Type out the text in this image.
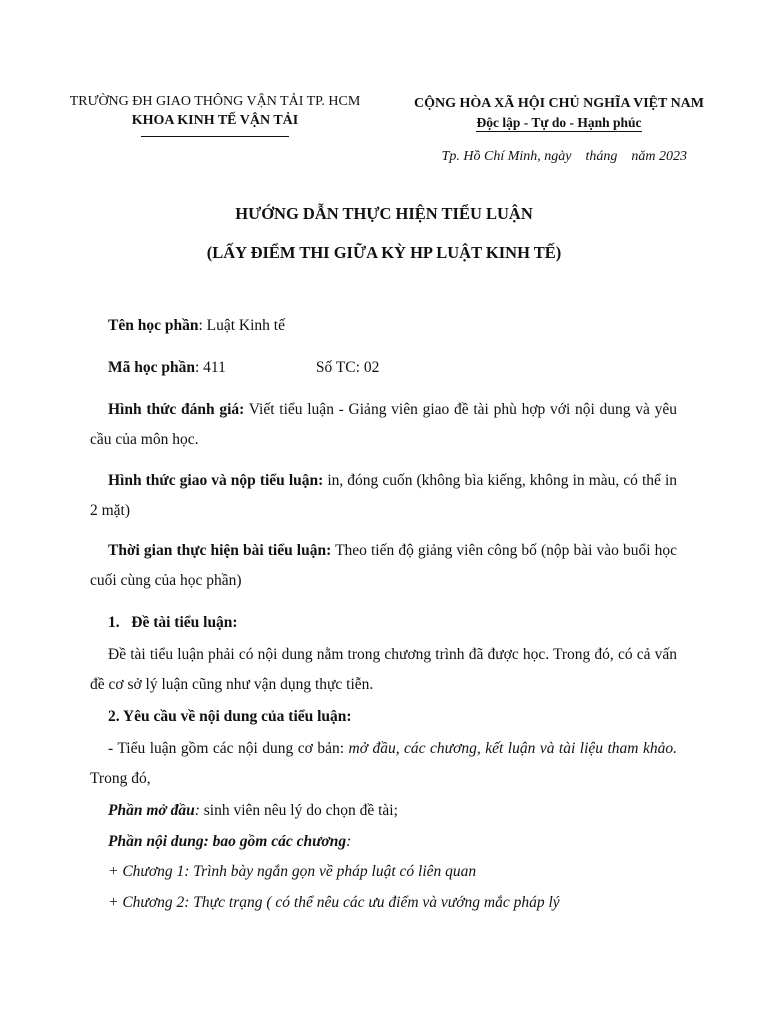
TRƯỜNG ĐH GIAO THÔNG VẬN TẢI TP. HCM
KHOA KINH TẾ VẬN TẢI
CỘNG HÒA XÃ HỘI CHỦ NGHĨA VIỆT NAM
Độc lập - Tự do - Hạnh phúc
Tp. Hồ Chí Minh, ngày    tháng    năm 2023
HƯỚNG DẪN THỰC HIỆN TIỂU LUẬN
(LẤY ĐIỂM THI GIỮA KỲ HP LUẬT KINH TẾ)
Tên học phần: Luật Kinh tế
Mã học phần: 411	Số TC: 02
Hình thức đánh giá: Viết tiểu luận - Giảng viên giao đề tài phù hợp với nội dung và yêu cầu của môn học.
Hình thức giao và nộp tiểu luận: in, đóng cuốn (không bìa kiếng, không in màu, có thể in 2 mặt)
Thời gian thực hiện bài tiểu luận: Theo tiến độ giảng viên công bố (nộp bài vào buổi học cuối cùng của học phần)
1.   Đề tài tiểu luận:
Đề tài tiểu luận phải có nội dung nằm trong chương trình đã được học. Trong đó, có cả vấn đề cơ sở lý luận cũng như vận dụng thực tiễn.
2. Yêu cầu về nội dung của tiểu luận:
- Tiểu luận gồm các nội dung cơ bản: mở đầu, các chương, kết luận và tài liệu tham khảo. Trong đó,
Phần mở đầu: sinh viên nêu lý do chọn đề tài;
Phần nội dung: bao gồm các chương:
+ Chương 1: Trình bày ngắn gọn về pháp luật có liên quan
+ Chương 2: Thực trạng ( có thể nêu các ưu điểm và vướng mắc pháp lý
